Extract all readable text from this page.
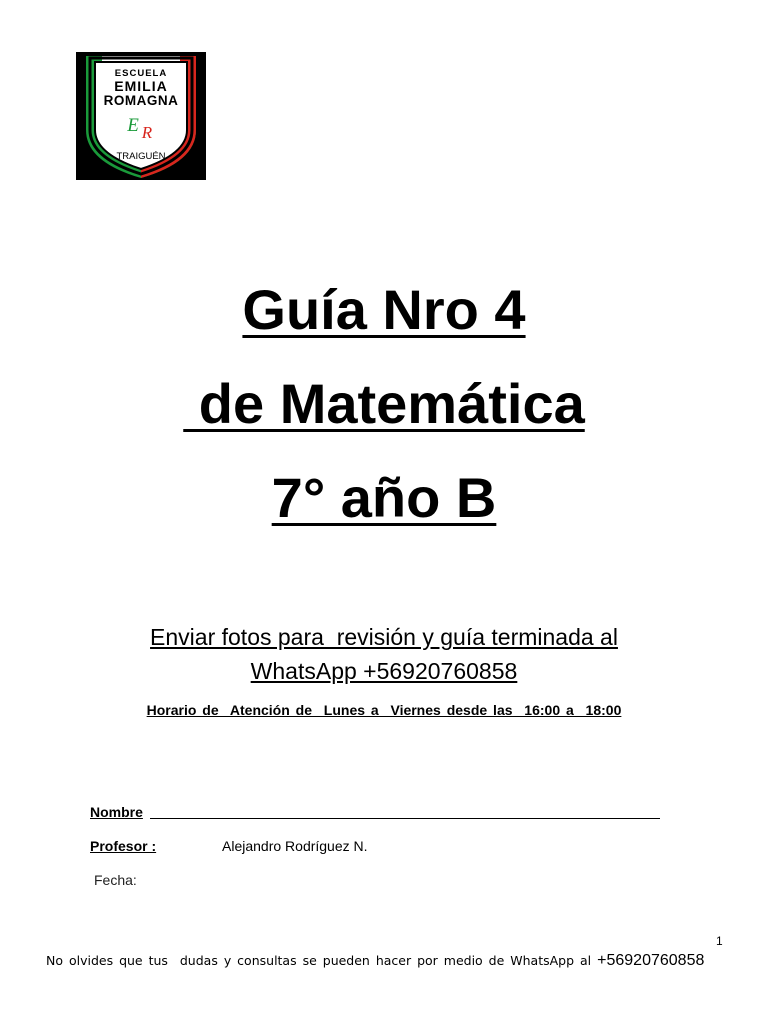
ESCUELA
EMILIA
ROMAGNA
E R
TRAIGUÉN
Guía Nro 4
de Matemática
7° año B
Enviar fotos para  revisión y guía terminada al
WhatsApp +56920760858
Horario de  Atención de  Lunes a  Viernes desde las  16:00 a  18:00
Nombre
Profesor :	Alejandro Rodríguez N.
Fecha:
1
No olvides que tus  dudas y consultas se pueden hacer por medio de WhatsApp al +56920760858
